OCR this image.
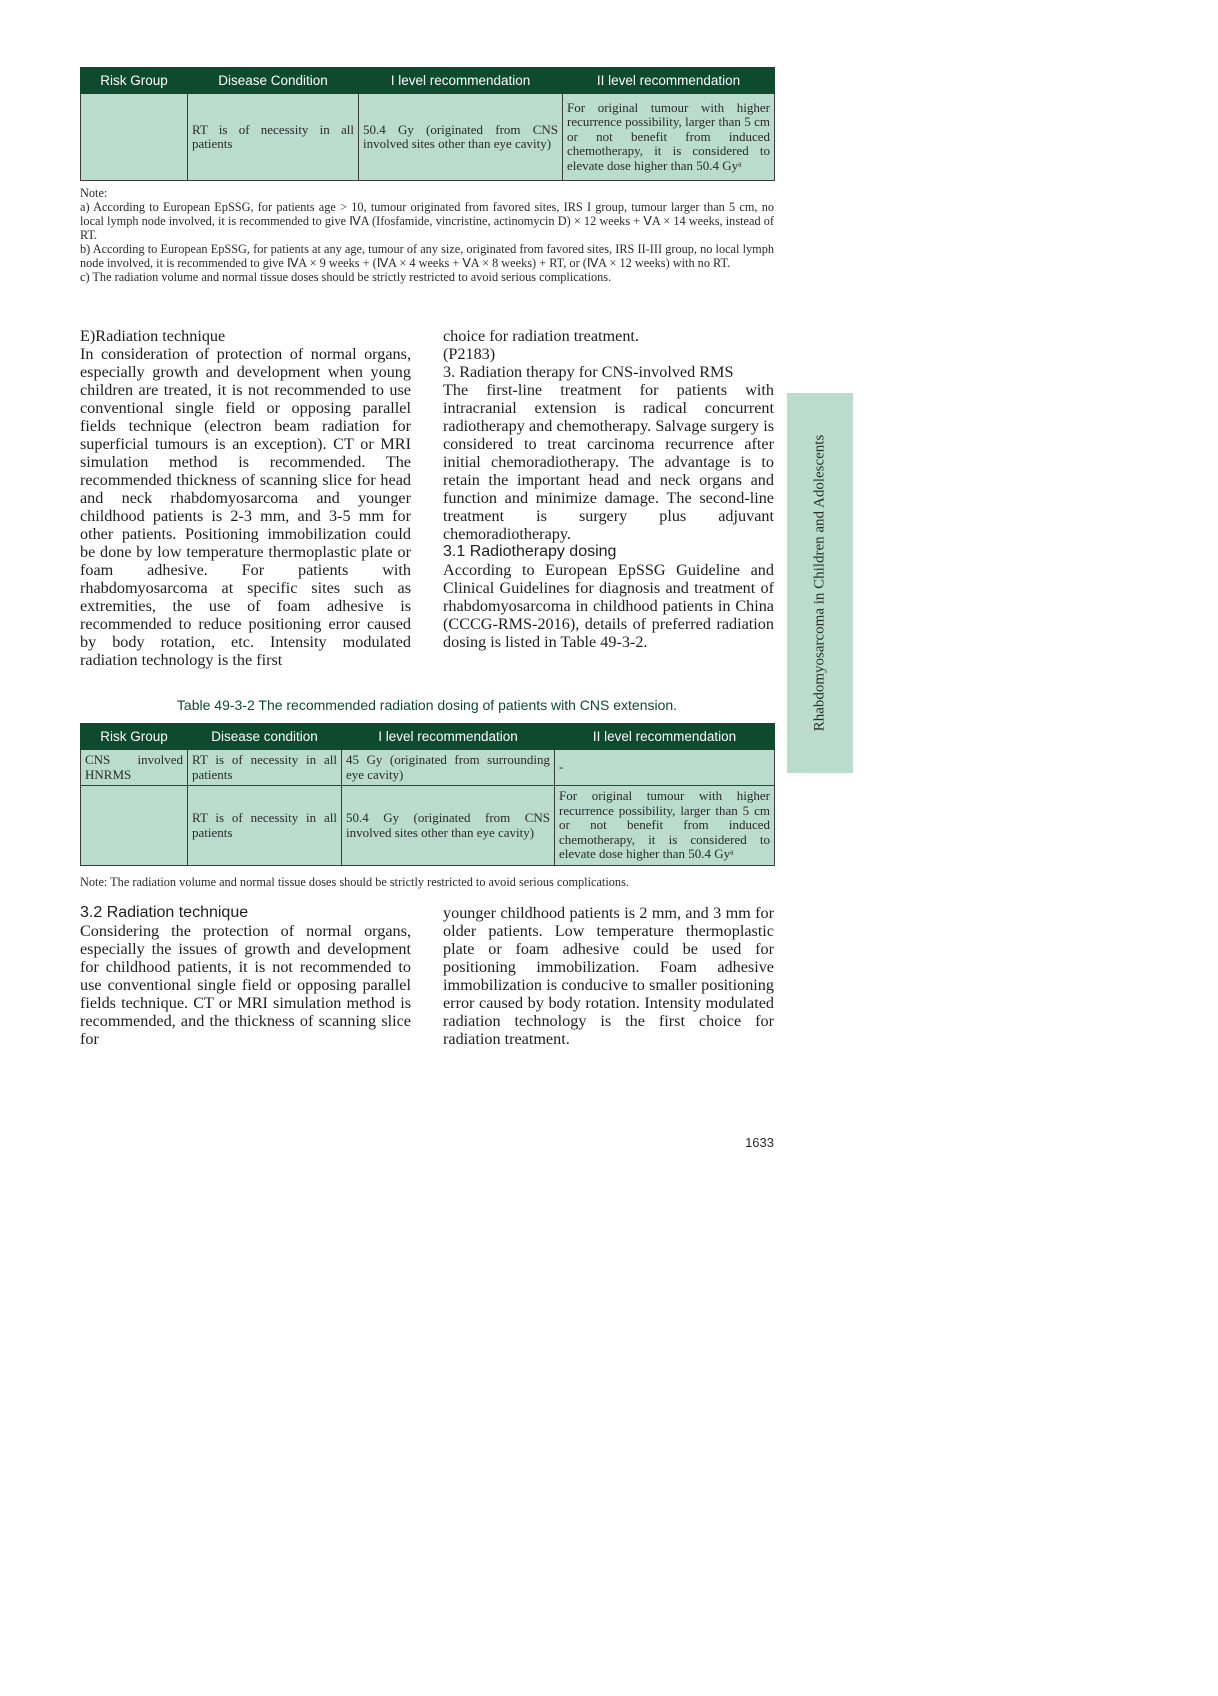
Risk Group	Disease Condition	I level recommendation	II level recommendation
	RT is of necessity in all patients	50.4 Gy (originated from CNS involved sites other than eye cavity)	For original tumour with higher recurrence possibility, larger than 5 cm or not benefit from induced chemotherapy, it is considered to elevate dose higher than 50.4 Gyᵃ
Note:
a) According to European EpSSG, for patients age > 10, tumour originated from favored sites, IRS I group, tumour larger than 5 cm, no local lymph node involved, it is recommended to give ⅣA (Ifosfamide, vincristine, actinomycin D) × 12 weeks + ⅤA × 14 weeks, instead of RT.
b) According to European EpSSG, for patients at any age, tumour of any size, originated from favored sites, IRS II-III group, no local lymph node involved, it is recommended to give ⅣA × 9 weeks + (ⅣA × 4 weeks + ⅤA × 8 weeks) + RT, or (ⅣA × 12 weeks) with no RT.
c) The radiation volume and normal tissue doses should be strictly restricted to avoid serious complications.

E)Radiation technique

In consideration of protection of normal organs, especially growth and development when young children are treated, it is not recommended to use conventional single field or opposing parallel fields technique (electron beam radiation for superficial tumours is an exception). CT or MRI simulation method is recommended. The recommended thickness of scanning slice for head and neck rhabdomyosarcoma and younger childhood patients is 2-3 mm, and 3-5 mm for other patients. Positioning immobilization could be done by low temperature thermoplastic plate or foam adhesive. For patients with rhabdomyosarcoma at specific sites such as extremities, the use of foam adhesive is recommended to reduce positioning error caused by body rotation, etc. Intensity modulated radiation technology is the first

choice for radiation treatment.

(P2183)

3. Radiation therapy for CNS-involved RMS

The first-line treatment for patients with intracranial extension is radical concurrent radiotherapy and chemotherapy. Salvage surgery is considered to treat carcinoma recurrence after initial chemoradiotherapy. The advantage is to retain the important head and neck organs and function and minimize damage. The second-line treatment is surgery plus adjuvant chemoradiotherapy.

3.1 Radiotherapy dosing

According to European EpSSG Guideline and Clinical Guidelines for diagnosis and treatment of rhabdomyosarcoma in childhood patients in China (CCCG-RMS-2016), details of preferred radiation dosing is listed in Table 49-3-2.

Table 49-3-2 The recommended radiation dosing of patients with CNS extension.
Risk Group	Disease condition	I level recommendation	II level recommendation
CNS involved HNRMS	RT is of necessity in all patients	45 Gy (originated from surrounding eye cavity)	-
	RT is of necessity in all patients	50.4 Gy (originated from CNS involved sites other than eye cavity)	For original tumour with higher recurrence possibility, larger than 5 cm or not benefit from induced chemotherapy, it is considered to elevate dose higher than 50.4 Gyᵃ
Note: The radiation volume and normal tissue doses should be strictly restricted to avoid serious complications.

3.2 Radiation technique

Considering the protection of normal organs, especially the issues of growth and development for childhood patients, it is not recommended to use conventional single field or opposing parallel fields technique. CT or MRI simulation method is recommended, and the thickness of scanning slice for

younger childhood patients is 2 mm, and 3 mm for older patients. Low temperature thermoplastic plate or foam adhesive could be used for positioning immobilization. Foam adhesive immobilization is conducive to smaller positioning error caused by body rotation. Intensity modulated radiation technology is the first choice for radiation treatment.

Rhabdomyosarcoma in Children and Adolescents
1633
